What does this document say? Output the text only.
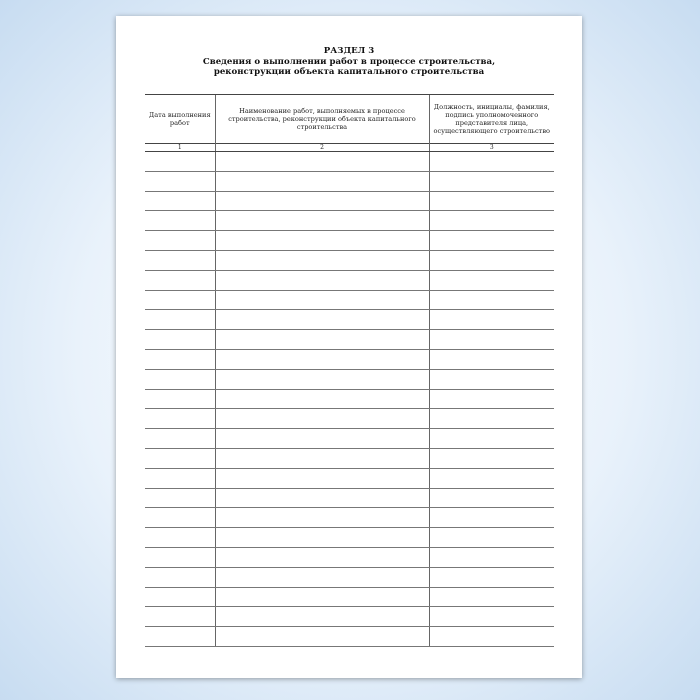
РАЗДЕЛ 3
Сведения о выполнении работ в процессе строительства,
реконструкции объекта капитального строительства
Дата выполнения работ	Наименование работ, выполняемых в процессе строительства, реконструкции объекта капитального строительства	Должность, инициалы, фамилия, подпись уполномоченного представителя лица, осуществляющего строительство
1	2	3
